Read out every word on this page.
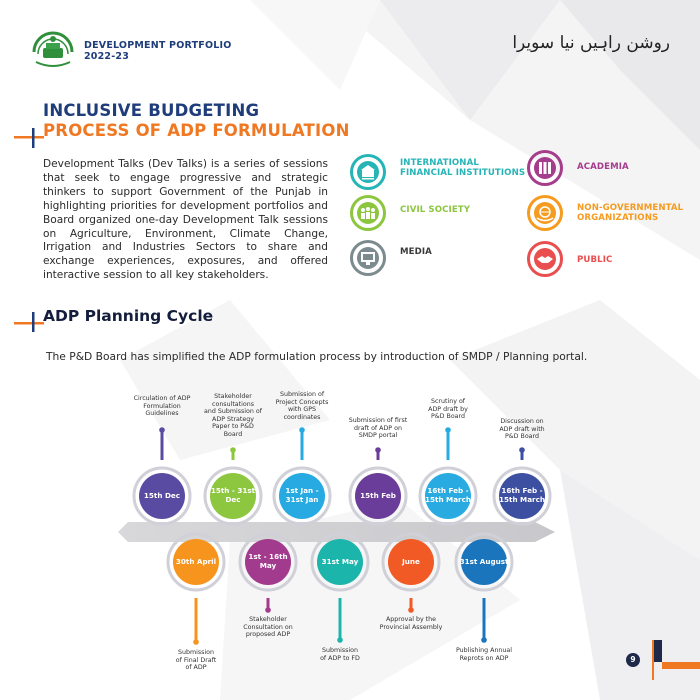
DEVELOPMENT PORTFOLIO
2022-23
روشن راہیں نیا سویرا
INCLUSIVE BUDGETING
PROCESS OF ADP FORMULATION
Development Talks (Dev Talks) is a series of sessions that seek to engage progressive and strategic thinkers to support Government of the Punjab in highlighting priorities for development portfolios and Board organized one-day Development Talk sessions on Agriculture, Environment, Climate Change, Irrigation and Industries Sectors to share and exchange experiences, exposures, and offered interactive session to all key stakeholders.
INTERNATIONAL
FINANCIAL INSTITUTIONS
ACADEMIA
CIVIL SOCIETY	NON-GOVERNMENTAL
ORGANIZATIONS
MEDIA
PUBLIC
ADP Planning Cycle
The P&D Board has simplified the ADP formulation process by introduction of SMDP / Planning portal.
Circulation of ADP
Formulation
Guidelines
Stakeholder
consultations
and Submission of
ADP Strategy
Paper to P&D
Board
Submission of
Project Concepts
with GPS
coordinates	Submission of first
draft of ADP on
SMDP portal
Scrutiny of
ADP draft by
P&D Board
Discussion on
ADP draft with
P&D Board
15th Dec
15th - 31st Dec
1st Jan - 31st Jan	15th Feb
16th Feb - 15th March
16th Feb - 15th March
30th April
1st - 16th May	31st May	June	31st August
Submission
of Final Draft
of ADP
Stakeholder
Consultation on
proposed ADP
Submission
of ADP to FD
Approval by the
Provincial Assembly
Publishing Annual
Reprots on ADP	9
